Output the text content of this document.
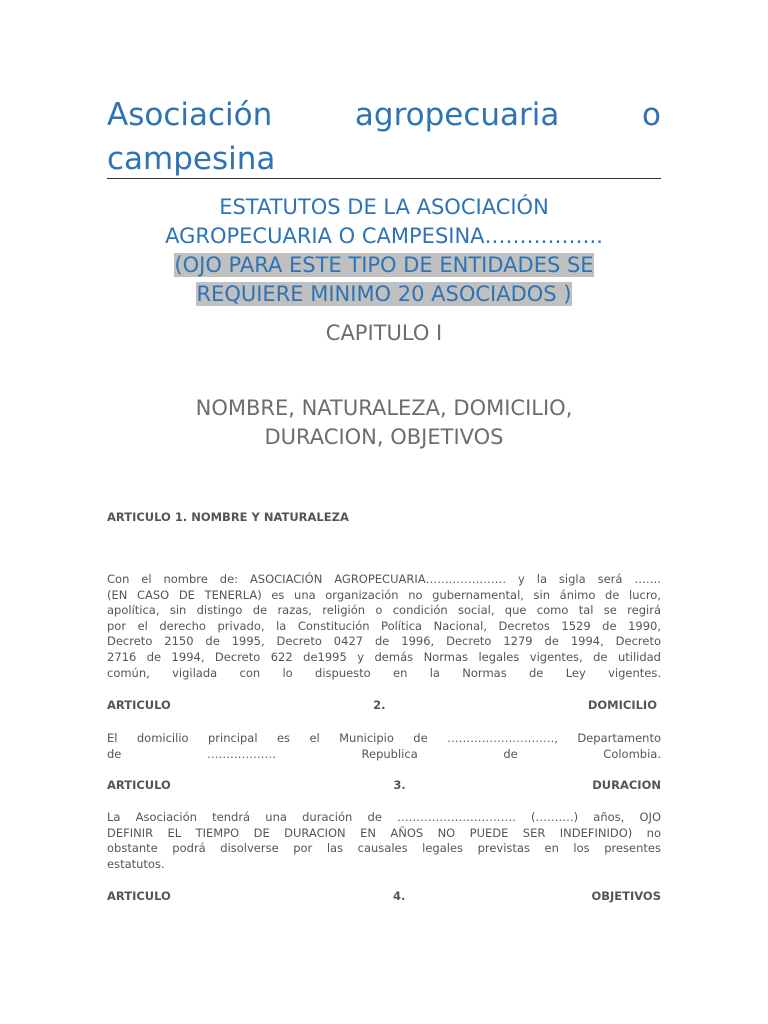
Asociación	agropecuaria	o
campesina
ESTATUTOS DE LA ASOCIACIÓN
AGROPECUARIA O CAMPESINA……………..
(OJO PARA ESTE TIPO DE ENTIDADES SE
REQUIERE MINIMO 20 ASOCIADOS )
CAPITULO I
NOMBRE, NATURALEZA, DOMICILIO,
DURACION, OBJETIVOS
ARTICULO 1. NOMBRE Y NATURALEZA
Con el nombre de: ASOCIACIÓN AGROPECUARIA………………… y la sigla será …….
(EN CASO DE TENERLA) es una organización no gubernamental, sin ánimo de lucro,
apolítica, sin distingo de razas, religión o condición social, que como tal se regirá
por el derecho privado, la Constitución Política Nacional, Decretos 1529 de 1990,
Decreto 2150 de 1995, Decreto 0427 de 1996, Decreto 1279 de 1994, Decreto
2716 de 1994, Decreto 622 de1995 y demás Normas legales vigentes, de utilidad
común, vigilada con lo dispuesto en la Normas de Ley vigentes.
ARTICULO	2.	DOMICILIO
El domicilio principal es el Municipio de ………………………., Departamento
de ……………… Republica de Colombia.
ARTICULO	3.	DURACION
La Asociación tendrá una duración de …………………………. (……….) años, OJO
DEFINIR EL TIEMPO DE DURACION EN AÑOS NO PUEDE SER INDEFINIDO) no
obstante podrá disolverse por las causales legales previstas en los presentes
estatutos.
ARTICULO	4.	OBJETIVOS
